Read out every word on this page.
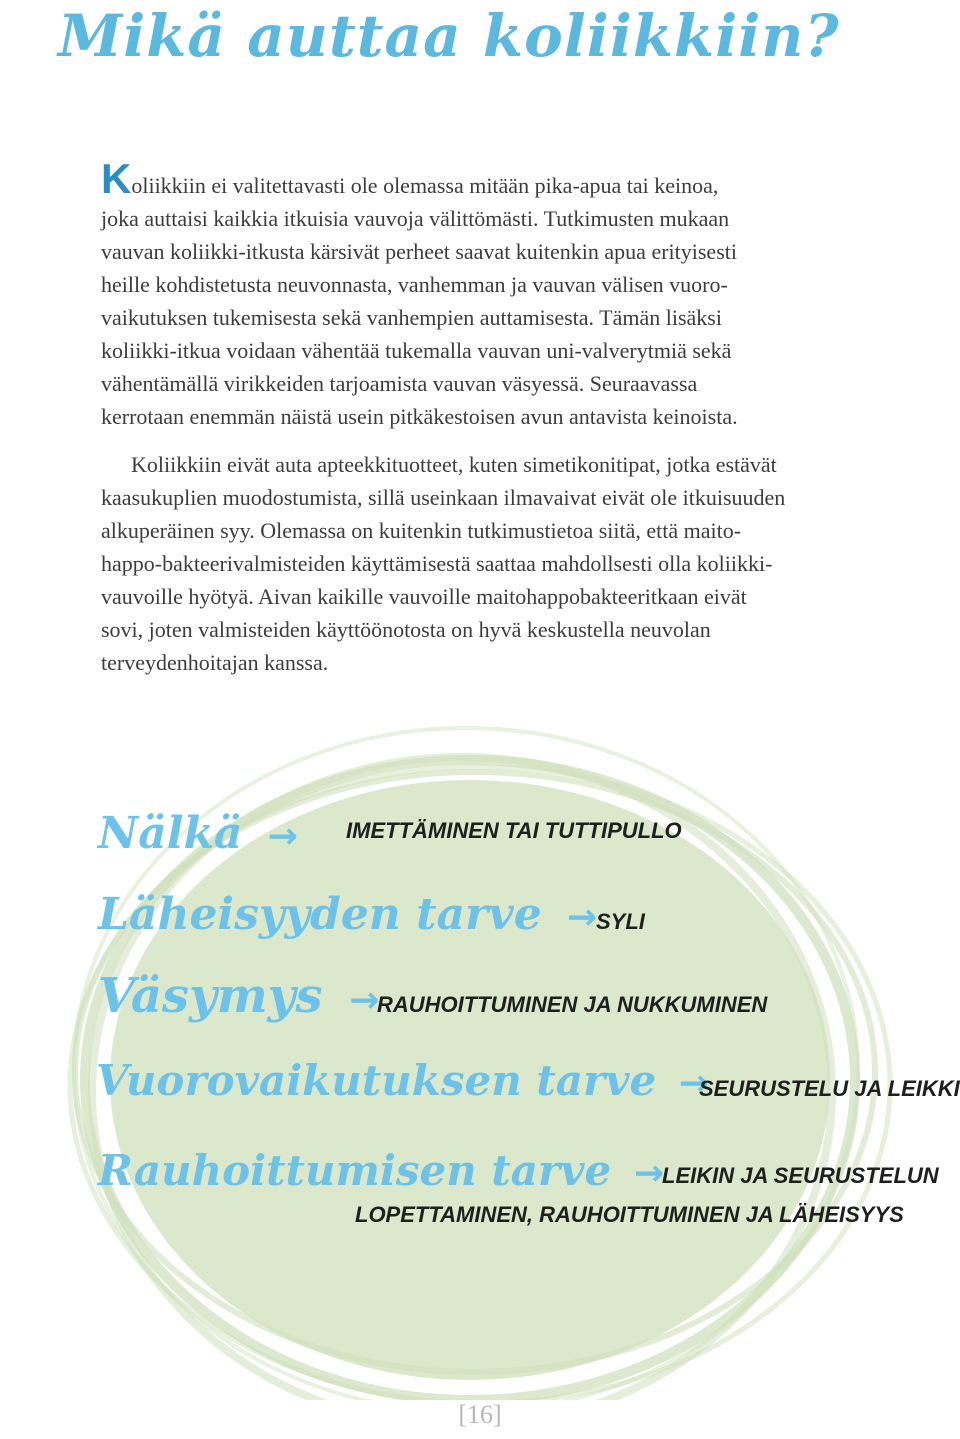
Mikä auttaa koliikkiin?
Koliikkiin ei valitettavasti ole olemassa mitään pika-apua tai keinoa,
joka auttaisi kaikkia itkuisia vauvoja välittömästi. Tutkimusten mukaan
vauvan koliikki-itkusta kärsivät perheet saavat kuitenkin apua erityisesti
heille kohdistetusta neuvonnasta, vanhemman ja vauvan välisen vuoro-
vaikutuksen tukemisesta sekä vanhempien auttamisesta. Tämän lisäksi
koliikki-itkua voidaan vähentää tukemalla vauvan uni-valverytmiä sekä
vähentämällä virikkeiden tarjoamista vauvan väsyessä. Seuraavassa
kerrotaan enemmän näistä usein pitkäkestoisen avun antavista keinoista.
Koliikkiin eivät auta apteekkituotteet, kuten simetikonitipat, jotka estävät
kaasukuplien muodostumista, sillä useinkaan ilmavaivat eivät ole itkuisuuden
alkuperäinen syy. Olemassa on kuitenkin tutkimustietoa siitä, että maito-
happo-bakteerivalmisteiden käyttämisestä saattaa mahdollsesti olla koliikki-
vauvoille hyötyä. Aivan kaikille vauvoille maitohappobakteeritkaan eivät
sovi, joten valmisteiden käyttöönotosta on hyvä keskustella neuvolan
terveydenhoitajan kanssa.
Nälkä → IMETTÄMINEN TAI TUTTIPULLO
Läheisyyden tarve →
SYLI
Väsymys →
RAUHOITTUMINEN JA NUKKUMINEN
Vuorovaikutuksen tarve →
SEURUSTELU JA LEIKKI
Rauhoittumisen tarve →
LEIKIN JA SEURUSTELUN
LOPETTAMINEN, RAUHOITTUMINEN JA LÄHEISYYS
[16]
